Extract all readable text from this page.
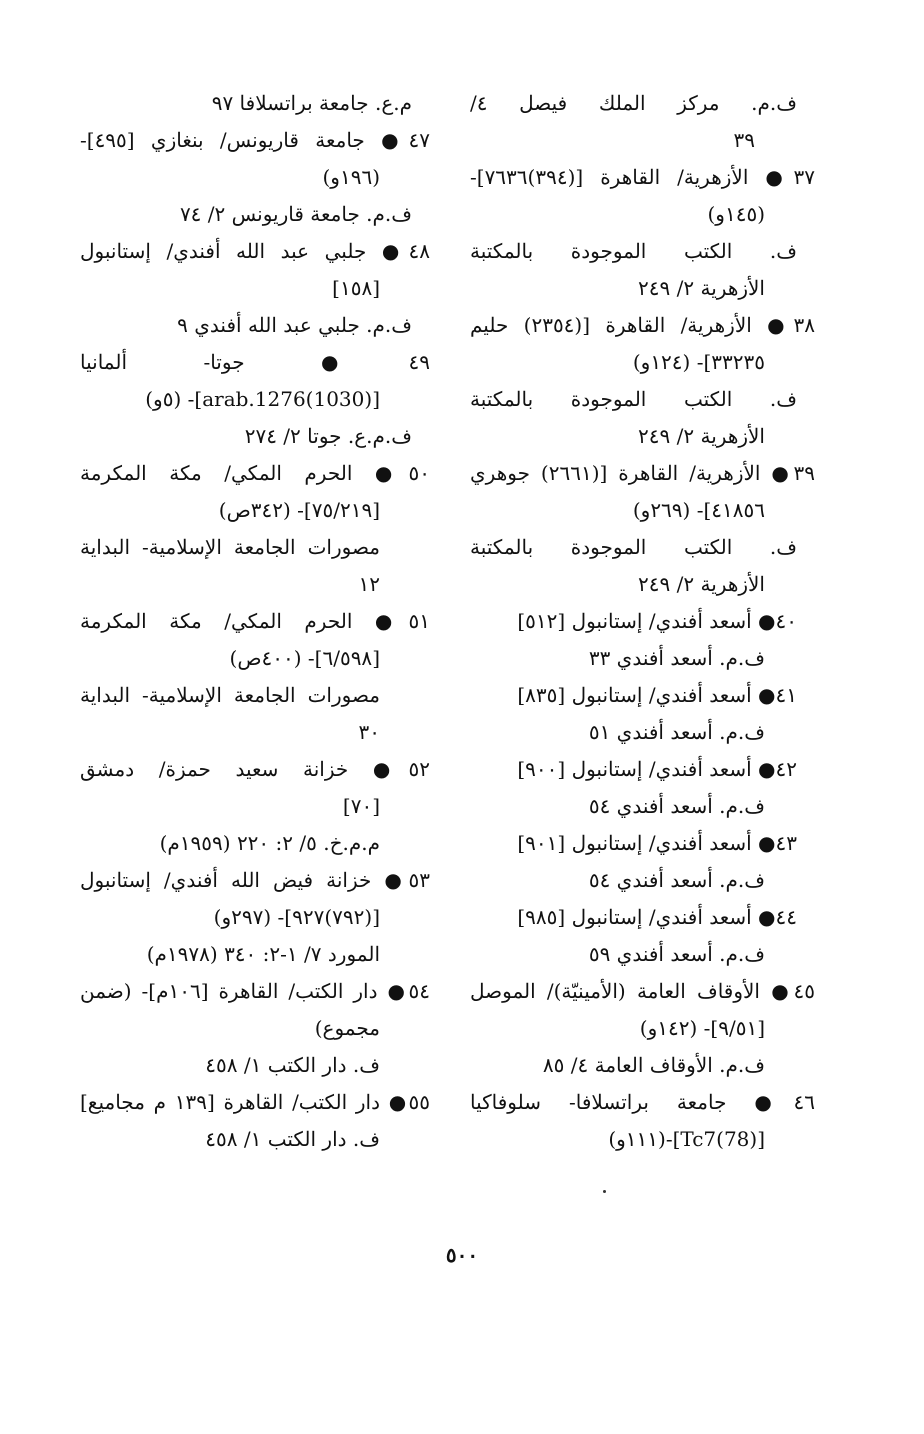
ف.م. مركز الملك فيصل ٤/
٣٩
٣٧● الأزهرية/ القاهرة [(٣٩٤)٧٦٣٦]-
(١٤٥و)
ف. الكتب الموجودة بالمكتبة
الأزهرية ٢/ ٢٤٩
٣٨● الأزهرية/ القاهرة [(٢٣٥٤) حليم
٣٣٢٣٥]- (١٢٤و)
ف. الكتب الموجودة بالمكتبة
الأزهرية ٢/ ٢٤٩
٣٩● الأزهرية/ القاهرة [(٢٦٦١) جوهري
٤١٨٥٦]- (٢٦٩و)
ف. الكتب الموجودة بالمكتبة
الأزهرية ٢/ ٢٤٩
٤٠● أسعد أفندي/ إستانبول [٥١٢]
ف.م. أسعد أفندي ٣٣
٤١● أسعد أفندي/ إستانبول [٨٣٥]
ف.م. أسعد أفندي ٥١
٤٢● أسعد أفندي/ إستانبول [٩٠٠]
ف.م. أسعد أفندي ٥٤
٤٣● أسعد أفندي/ إستانبول [٩٠١]
ف.م. أسعد أفندي ٥٤
٤٤● أسعد أفندي/ إستانبول [٩٨٥]
ف.م. أسعد أفندي ٥٩
٤٥● الأوقاف العامة (الأمينيّة)/ الموصل
[٩/٥١]- (١٤٢و)
ف.م. الأوقاف العامة ٤/ ٨٥
٤٦● جامعة براتسلافا- سلوفاكيا
[(78)Tc7]-(١١١و)
م.ع. جامعة براتسلافا ٩٧
٤٧● جامعة قاريونس/ بنغازي [٤٩٥]-
(١٩٦و)
ف.م. جامعة قاريونس ٢/ ٧٤
٤٨● جلبي عبد الله أفندي/ إستانبول
[١٥٨]
ف.م. جلبي عبد الله أفندي ٩
٤٩● جوتا- ألمانيا
[(1030)arab.1276]- (٥و)
ف.م.ع. جوتا ٢/ ٢٧٤
٥٠● الحرم المكي/ مكة المكرمة
[٧٥/٢١٩]- (٣٤٢ص)
مصورات الجامعة الإسلامية- البداية
١٢
٥١● الحرم المكي/ مكة المكرمة
[٦/٥٩٨]- (٤٠٠ص)
مصورات الجامعة الإسلامية- البداية
٣٠
٥٢● خزانة سعيد حمزة/ دمشق
[٧٠]
م.م.خ. ٥/ ٢: ٢٢٠ (١٩٥٩م)
٥٣● خزانة فيض الله أفندي/ إستانبول
[(٧٩٢)٩٢٧]- (٢٩٧و)
المورد ٧/ ١-٢: ٣٤٠ (١٩٧٨م)
٥٤● دار الكتب/ القاهرة [١٠٦م]- (ضمن
مجموع)
ف. دار الكتب ١/ ٤٥٨
٥٥● دار الكتب/ القاهرة [١٣٩ م مجاميع]
ف. دار الكتب ١/ ٤٥٨
٥٠٠
